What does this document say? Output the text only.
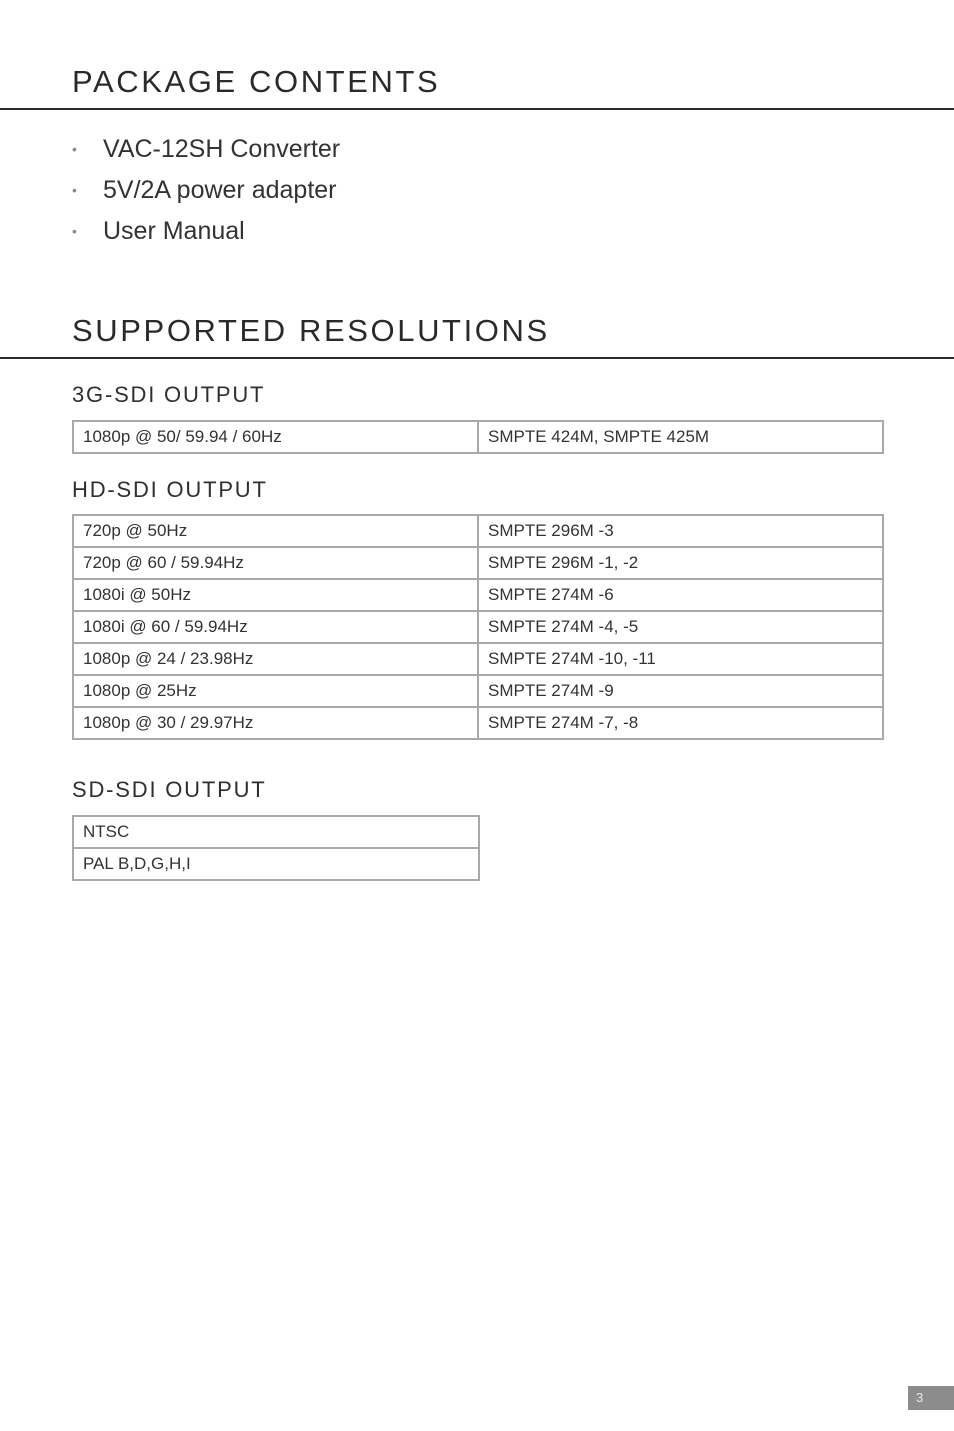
PACKAGE CONTENTS
• VAC-12SH Converter
• 5V/2A power adapter
• User Manual
SUPPORTED RESOLUTIONS
3G-SDI OUTPUT
1080p @ 50/ 59.94 / 60Hz	SMPTE 424M, SMPTE 425M
HD-SDI OUTPUT
720p @ 50Hz	SMPTE 296M -3
720p @ 60 / 59.94Hz	SMPTE 296M -1, -2
1080i @ 50Hz	SMPTE 274M -6
1080i @ 60 / 59.94Hz	SMPTE 274M -4, -5
1080p @ 24 / 23.98Hz	SMPTE 274M -10, -11
1080p @ 25Hz	SMPTE 274M -9
1080p @ 30 / 29.97Hz	SMPTE 274M -7, -8
SD-SDI OUTPUT
NTSC
PAL B,D,G,H,I
3
